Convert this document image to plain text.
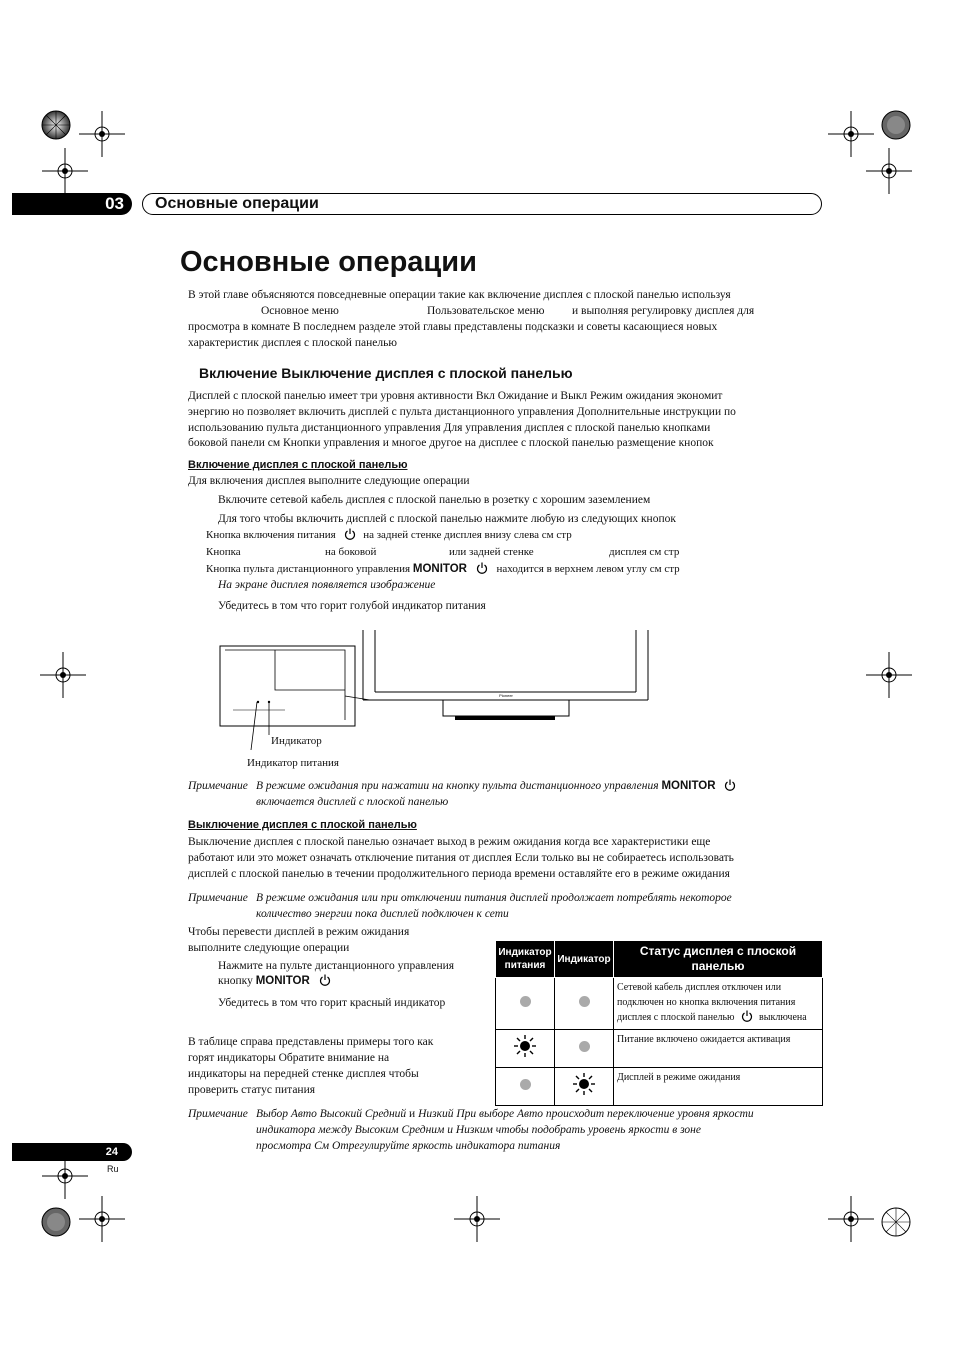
03	Основные операции
Основные операции
В этой главе объясняются повседневные операции такие как включение дисплея с плоской панелью используя
Основное меню	Пользовательское меню и выполняя регулировку дисплея для
просмотра в комнате В последнем разделе этой главы представлены подсказки и советы касающиеся новых
характеристик дисплея с плоской панелью
Включение Выключение дисплея с плоской панелью
Дисплей с плоской панелью имеет три уровня активности Вкл Ожидание и Выкл Режим ожидания экономит
энергию но позволяет включить дисплей с пульта дистанционного управления Дополнительные инструкции по
использованию пульта дистанционного управления Для управления дисплея с плоской панелью кнопками
боковой панели см Кнопки управления и многое другое на дисплее с плоской панелью размещение кнопок
Включение дисплея с плоской панелью
Для включения дисплея выполните следующие операции
Включите сетевой кабель дисплея с плоской панелью в розетку с хорошим заземлением
Для того чтобы включить дисплей с плоской панелью нажмите любую из следующих кнопок
Кнопка включения питания	на задней стенке дисплея внизу слева см стр
Кнопка	на боковой	или задней стенке	дисплея см стр
Кнопка пульта дистанционного управления MONITOR	находится в верхнем левом углу см стр
На экране дисплея появляется изображение
Убедитесь в том что горит голубой индикатор питания
Pioneer
Индикатор
Индикатор питания
Примечание В режиме ожидания при нажатии на кнопку пульта дистанционного управления MONITOR
включается дисплей с плоской панелью
Выключение дисплея с плоской панелью
Выключение дисплея с плоской панелью означает выход в режим ожидания когда все характеристики еще
работают или это может означать отключение питания от дисплея Если только вы не собираетесь использовать
дисплей с плоской панелью в течении продолжительного периода времени оставляйте его в режиме ожидания
Примечание В режиме ожидания или при отключении питания дисплей продолжает потреблять некоторое
количество энергии пока дисплей подключен к сети
Чтобы перевести дисплей в режим ожидания
выполните следующие операции
Нажмите на пульте дистанционного управления
кнопку MONITOR
Убедитесь в том что горит красный индикатор
В таблице справа представлены примеры того как
горят индикаторы Обратите внимание на
индикаторы на передней стенке дисплея чтобы
проверить статус питания
Индикатор питания	Индикатор	Статус дисплея с плоской панелью

		Сетевой кабель дисплея отключен или
подключен но кнопка включения питания
дисплея с плоской панелью выключена

		Питание включено ожидается активация
		Дисплей в режиме ожидания
Примечание Выбор Авто Высокий Средний и Низкий При выборе Авто происходит переключение уровня яркости
индикатора между Высоким Средним и Низким чтобы подобрать уровень яркости в зоне
просмотра См Отрегулируйте яркость индикатора питания
24
Ru
